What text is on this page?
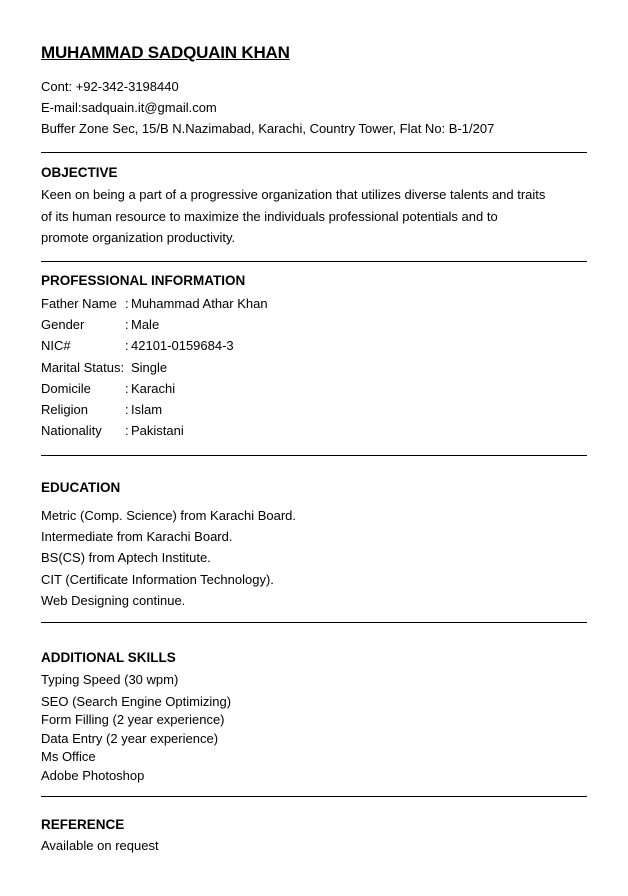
MUHAMMAD SADQUAIN KHAN
Cont: +92-342-3198440
E-mail:sadquain.it@gmail.com
Buffer Zone Sec, 15/B N.Nazimabad, Karachi, Country Tower, Flat No: B-1/207
OBJECTIVE
Keen on being a part of a progressive organization that utilizes diverse talents and traits
of its human resource to maximize the individuals professional potentials and to
promote organization productivity.
PROFESSIONAL INFORMATION
Father Name : Muhammad Athar Khan
Gender	: Male
NIC#	: 42101-0159684-3
Marital Status: Single
Domicile	: Karachi
Religion	: Islam
Nationality : Pakistani
EDUCATION
Metric (Comp. Science) from Karachi Board.
Intermediate from Karachi Board.
BS(CS) from Aptech Institute.
CIT (Certificate Information Technology).
Web Designing continue.
ADDITIONAL SKILLS
Typing Speed (30 wpm)
SEO (Search Engine Optimizing)
Form Filling (2 year experience)
Data Entry (2 year experience)
Ms Office
Adobe Photoshop
REFERENCE
Available on request
